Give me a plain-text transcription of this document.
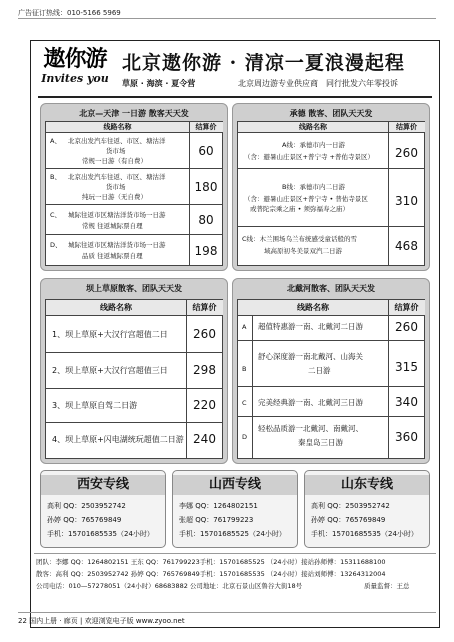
广告征订热线：010-5166 5969
遨你游
Invites you
北京遨你游 · 清凉一夏浪漫起程
草原 · 海滨 · 夏令营	北京周边游专业供应商　同行批发六年零投诉
北京—天津 一日游 散客天天发
线路名称	结算价
A、 北京出发汽车往返、市区、塘沽洋
货市场
常规一日游（有自费）
60
B、 北京出发汽车往返、市区、塘沽洋
货市场
纯玩一日游（无自费）
180
C、 城际往返市区塘沽洋货市场一日游
常规 往返城际票自理	80
D、 城际往返市区塘沽洋货市场一日游
品质 往返城际票自理	198
承德 散客、团队天天发
线路名称	结算价
A线：承德市内一日游
（含：避暑山庄景区+普宁寺 +普佑寺景区）	260
B线：承德市内二日游
（含：避暑山庄景区+普宁寺 • 普佑寺景区
或普陀宗乘之庙 • 须弥福寿之庙）
310
C线：木兰围场乌兰布统感受童话般的雪
域高原初冬美景双汽二日游	468
坝上草原散客、团队天天发
线路名称	结算价
1、坝上草原+大汉行宫超值二日	260
2、坝上草原+大汉行宫超值三日	298
3、坝上草原自驾二日游	220
4、坝上草原+闪电湖统玩超值二日游 240
北戴河散客、团队天天发
线路名称	结算价
A 超值特惠游一南、北戴河二日游	260
B
舒心深度游一南北戴河、山海关
二日游	315
C 完美经典游一南、北戴河三日游	340
D
轻松品质游一北戴河、南戴河、
秦皇岛三日游	360
西安专线
高利 QQ：2503952742
孙婷 QQ：765769849
手机：15701685535（24小时）
山西专线
李娜 QQ：1264802151
张超 QQ：761799223
手机：15701685525（24小时）
山东专线
高利 QQ：2503952742
孙婷 QQ：765769849
手机：15701685535（24小时）
团队：李娜 QQ：1264802151 王东 QQ：761799223手机：15701685525 （24小时）接站孙师傅：15311688100
散客：高利 QQ：2503952742 孙婷 QQ：765769849手机：15701685535 （24小时）接站刘师傅：13264312004
公司电话：010—57278051（24小时）68683882 公司地址：北京石景山区鲁谷大街18号	质量监督：王总
22 国内上册 · 廊页 | 欢迎浏览电子版 www.zyoo.net
